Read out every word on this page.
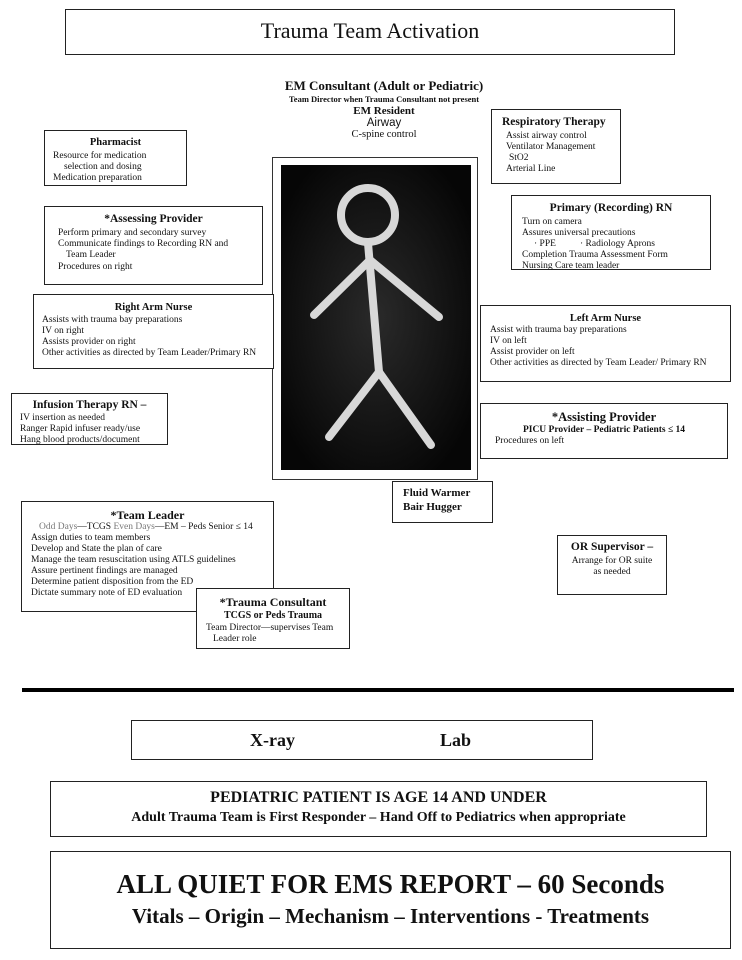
Trauma Team Activation
EM Consultant (Adult or Pediatric)
Team Director when Trauma Consultant not present
EM Resident
Airway
C-spine control
Pharmacist
Resource for medication
selection and dosing
Medication preparation
Respiratory Therapy
Assist airway control
Ventilator Management
StO2
Arterial Line
*Assessing Provider
Perform primary and secondary survey
Communicate findings to Recording RN and
Team Leader
Procedures on right
Primary (Recording) RN
Turn on camera
Assures universal precautions
· PPE	· Radiology Aprons
Completion Trauma Assessment Form
Nursing Care team leader
Right Arm Nurse
Assists with trauma bay preparations
IV on right
Assists provider on right
Other activities as directed by Team Leader/Primary RN
Left Arm Nurse
Assist with trauma bay preparations
IV on left
Assist provider on left
Other activities as directed by Team Leader/ Primary RN
Infusion Therapy RN –
IV insertion as needed
Ranger Rapid infuser ready/use
Hang blood products/document
*Assisting Provider
PICU Provider – Pediatric Patients ≤ 14
Procedures on left
Fluid Warmer
Bair Hugger
*Team Leader
Odd Days—TCGS Even Days—EM – Peds Senior ≤ 14
Assign duties to team members
Develop and State the plan of care
Manage the team resuscitation using ATLS guidelines
Assure pertinent findings are managed
Determine patient disposition from the ED
Dictate summary note of ED evaluation
*Trauma Consultant
TCGS or Peds Trauma
Team Director—supervises Team
Leader role
OR Supervisor –
Arrange for OR suite
as needed
X-ray	Lab
PEDIATRIC PATIENT IS AGE 14 AND UNDER
Adult Trauma Team is First Responder – Hand Off to Pediatrics when appropriate
ALL QUIET FOR EMS REPORT – 60 Seconds
Vitals – Origin – Mechanism – Interventions - Treatments
